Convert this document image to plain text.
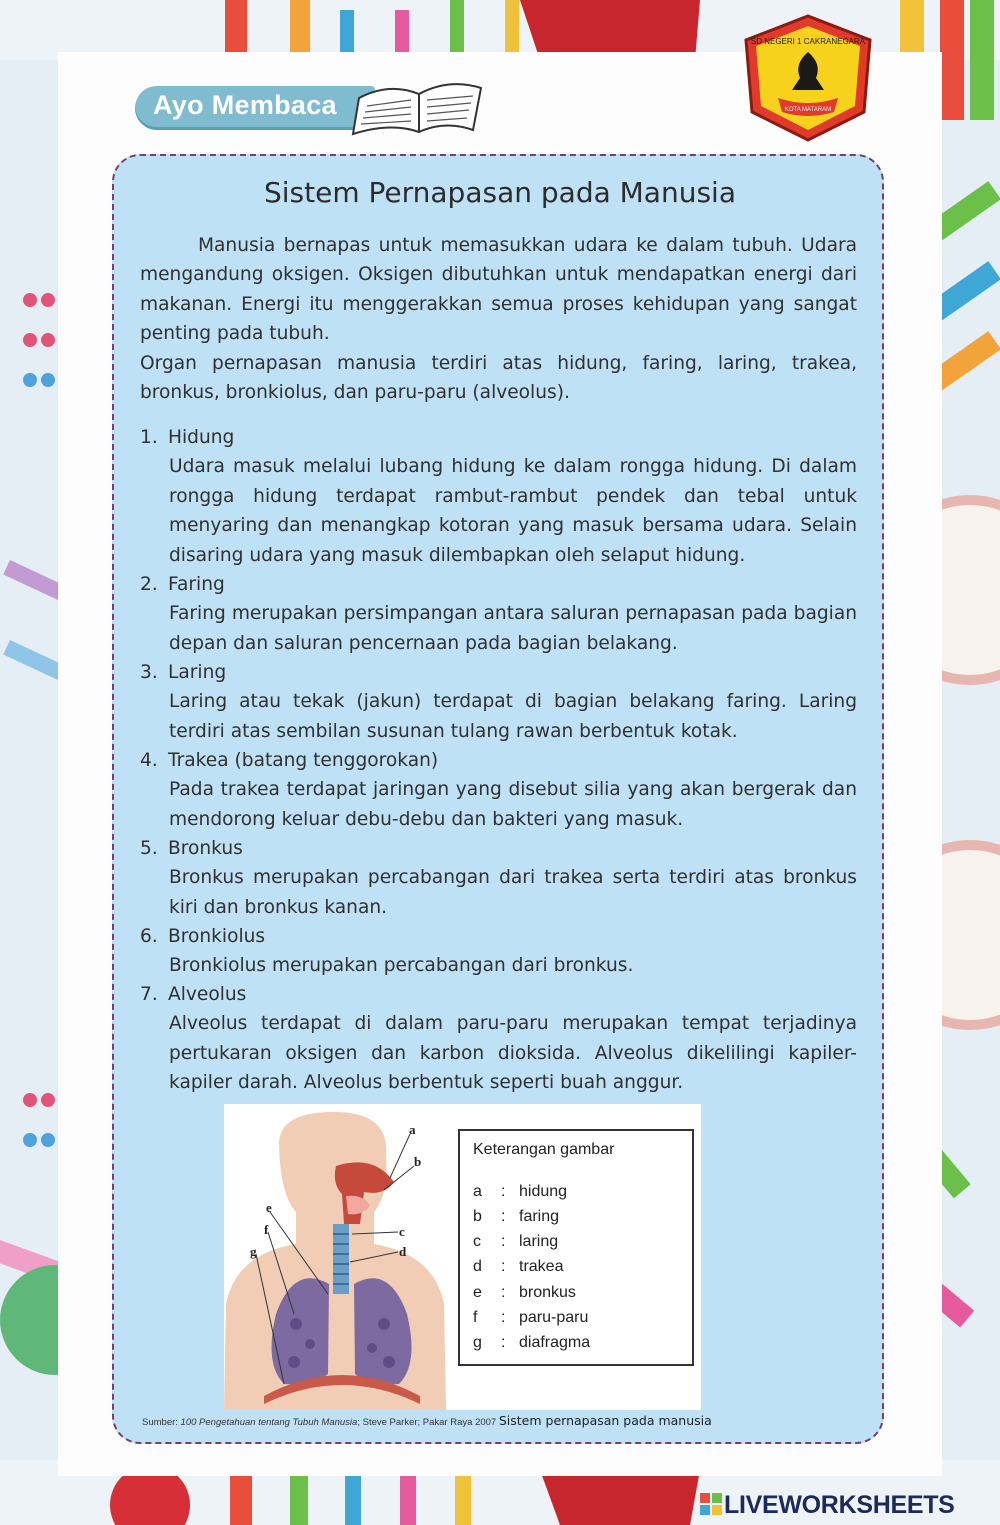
Ayo Membaca
SD NEGERI 1 CAKRANEGARA
KOTA MATARAM
Sistem Pernapasan pada Manusia

Manusia bernapas untuk memasukkan udara ke dalam tubuh. Udara mengandung oksigen. Oksigen dibutuhkan untuk mendapatkan energi dari makanan. Energi itu menggerakkan semua proses kehidupan yang sangat penting pada tubuh.

Organ pernapasan manusia terdiri atas hidung, faring, laring, trakea, bronkus, bronkiolus, dan paru-paru (alveolus).

1. Hidung

Udara masuk melalui lubang hidung ke dalam rongga hidung. Di dalam rongga hidung terdapat rambut-rambut pendek dan tebal untuk menyaring dan menangkap kotoran yang masuk bersama udara. Selain disaring udara yang masuk dilembapkan oleh selaput hidung.

2. Faring

Faring merupakan persimpangan antara saluran pernapasan pada bagian depan dan saluran pencernaan pada bagian belakang.

3. Laring

Laring atau tekak (jakun) terdapat di bagian belakang faring. Laring terdiri atas sembilan susunan tulang rawan berbentuk kotak.

4. Trakea (batang tenggorokan)

Pada trakea terdapat jaringan yang disebut silia yang akan bergerak dan mendorong keluar debu-debu dan bakteri yang masuk.

5. Bronkus

Bronkus merupakan percabangan dari trakea serta terdiri atas bronkus kiri dan bronkus kanan.

6. Bronkiolus

Bronkiolus merupakan percabangan dari bronkus.

7. Alveolus

Alveolus terdapat di dalam paru-paru merupakan tempat terjadinya pertukaran oksigen dan karbon dioksida. Alveolus dikelilingi kapiler-kapiler darah. Alveolus berbentuk seperti buah anggur.

a
b
c
d
e
f
g
Keterangan gambar
a : hidung
b : faring
c : laring
d : trakea
e : bronkus
f : paru-paru
g : diafragma
Sumber: 100 Pengetahuan tentang Tubuh Manusia; Steve Parker; Pakar Raya 2007 Sistem pernapasan pada manusia
LIVEWORKSHEETS
